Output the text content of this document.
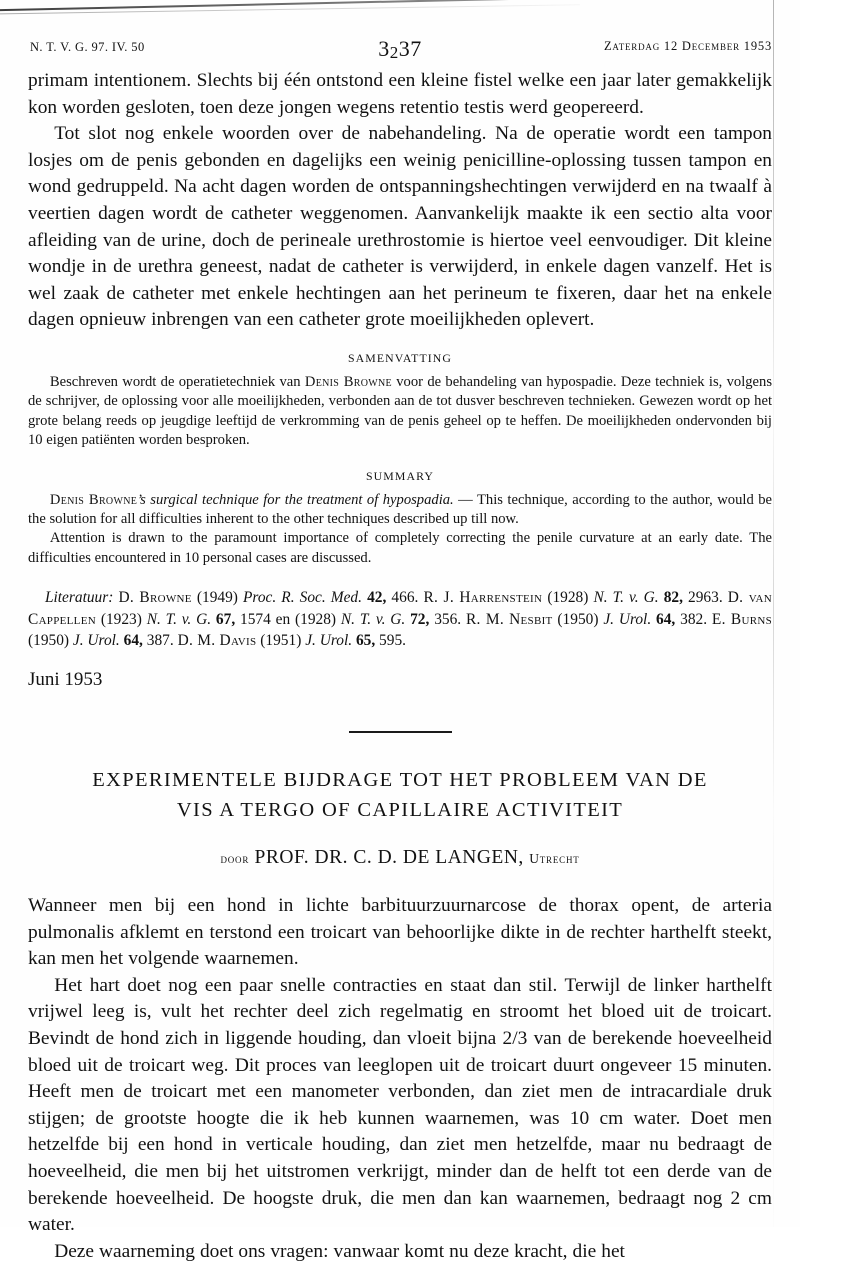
N. T. V. G. 97. IV. 50	3237	Zaterdag 12 December 1953

primam intentionem. Slechts bij één ontstond een kleine fistel welke een jaar later gemakkelijk kon worden gesloten, toen deze jongen wegens retentio testis werd geopereerd.

Tot slot nog enkele woorden over de nabehandeling. Na de operatie wordt een tampon losjes om de penis gebonden en dagelijks een weinig penicilline-oplossing tussen tampon en wond gedruppeld. Na acht dagen worden de ontspanningshechtingen verwijderd en na twaalf à veertien dagen wordt de catheter weggenomen. Aanvankelijk maakte ik een sectio alta voor afleiding van de urine, doch de perineale urethrostomie is hiertoe veel eenvoudiger. Dit kleine wondje in de urethra geneest, nadat de catheter is verwijderd, in enkele dagen vanzelf. Het is wel zaak de catheter met enkele hechtingen aan het perineum te fixeren, daar het na enkele dagen opnieuw inbrengen van een catheter grote moeilijkheden oplevert.

SAMENVATTING

Beschreven wordt de operatietechniek van Denis Browne voor de behandeling van hypospadie. Deze techniek is, volgens de schrijver, de oplossing voor alle moeilijkheden, verbonden aan de tot dusver beschreven technieken. Gewezen wordt op het grote belang reeds op jeugdige leeftijd de verkromming van de penis geheel op te heffen. De moeilijkheden ondervonden bij 10 eigen patiënten worden besproken.

SUMMARY

Denis Browne’s surgical technique for the treatment of hypospadia. — This technique, according to the author, would be the solution for all difficulties inherent to the other techniques described up till now.

Attention is drawn to the paramount importance of completely correcting the penile curvature at an early date. The difficulties encountered in 10 personal cases are discussed.

Literatuur: D. Browne (1949) Proc. R. Soc. Med. 42, 466. R. J. Harrenstein (1928) N. T. v. G. 82, 2963. D. van Cappellen (1923) N. T. v. G. 67, 1574 en (1928) N. T. v. G. 72, 356. R. M. Nesbit (1950) J. Urol. 64, 382. E. Burns (1950) J. Urol. 64, 387. D. M. Davis (1951) J. Urol. 65, 595.

Juni 1953

EXPERIMENTELE BIJDRAGE TOT HET PROBLEEM VAN DE
VIS A TERGO OF CAPILLAIRE ACTIVITEIT

door PROF. DR. C. D. DE LANGEN, Utrecht

Wanneer men bij een hond in lichte barbituurzuurnarcose de thorax opent, de arteria pulmonalis afklemt en terstond een troicart van behoorlijke dikte in de rechter harthelft steekt, kan men het volgende waarnemen.

Het hart doet nog een paar snelle contracties en staat dan stil. Terwijl de linker harthelft vrijwel leeg is, vult het rechter deel zich regelmatig en stroomt het bloed uit de troicart. Bevindt de hond zich in liggende houding, dan vloeit bijna 2/3 van de berekende hoeveelheid bloed uit de troicart weg. Dit proces van leeglopen uit de troicart duurt ongeveer 15 minuten. Heeft men de troicart met een manometer verbonden, dan ziet men de intracardiale druk stijgen; de grootste hoogte die ik heb kunnen waarnemen, was 10 cm water. Doet men hetzelfde bij een hond in verticale houding, dan ziet men hetzelfde, maar nu bedraagt de hoeveelheid, die men bij het uitstromen verkrijgt, minder dan de helft tot een derde van de berekende hoeveelheid. De hoogste druk, die men dan kan waarnemen, bedraagt nog 2 cm water.

Deze waarneming doet ons vragen: vanwaar komt nu deze kracht, die het
